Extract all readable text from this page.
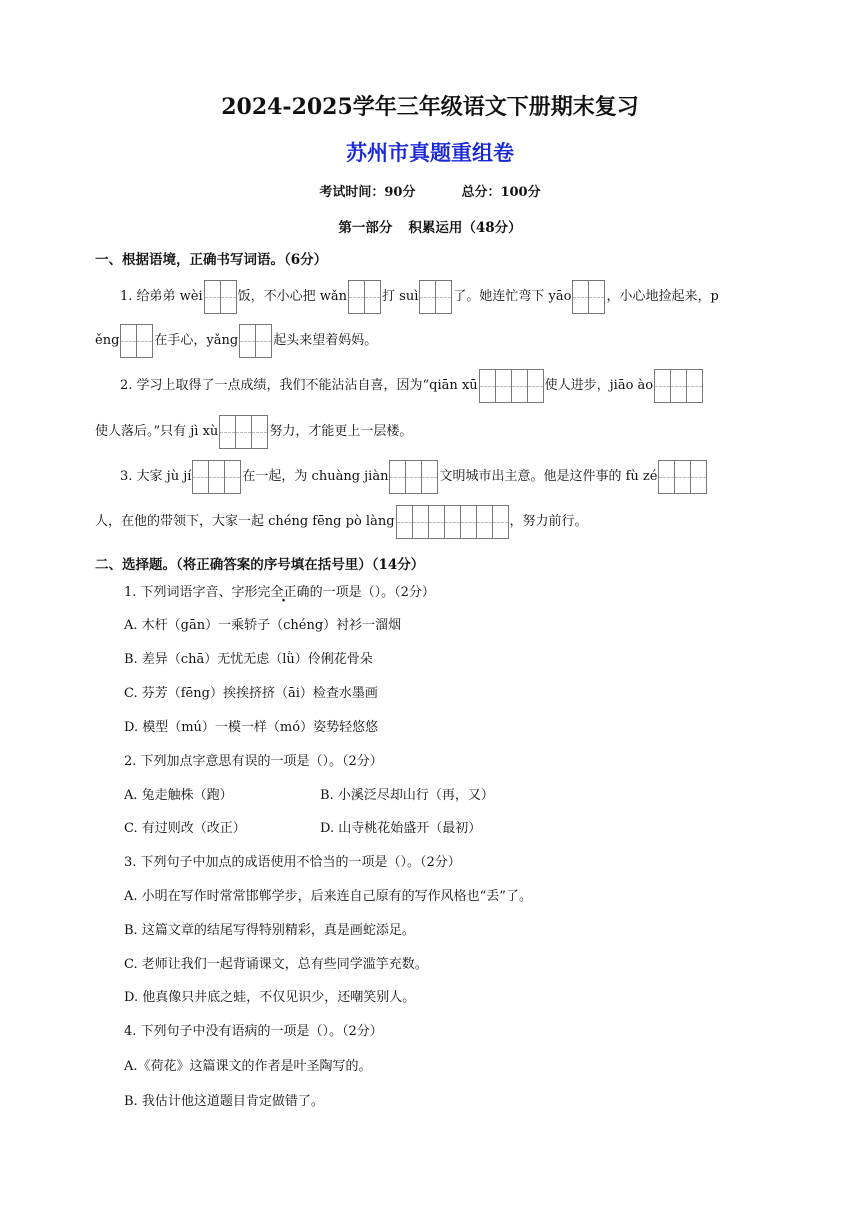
2024-2025学年三年级语文下册期末复习
苏州市真题重组卷
考试时间：90分	总分：100分
第一部分 积累运用（48分）
一、根据语境，正确书写词语。（6分）
1. 给弟弟 wèi	饭，不小心把 wǎn	打 suì	了。她连忙弯下 yāo	，小心地捡起来，p
ěng	在手心，yǎng	起头来望着妈妈。
2. 学习上取得了一点成绩，我们不能沾沾自喜，因为“qiān xū	使人进步，jiāo ào
使人落后。”只有 jì xù	努力，才能更上一层楼。
3. 大家 jù jí	在一起，为 chuàng jiàn	文明城市出主意。他是这件事的 fù zé
人，在他的带领下，大家一起 chéng fēng pò làng	，努力前行。
二、选择题。（将正确答案的序号填在括号里）（14分）
1. 下列词语字音、字形完全正确的一项是（）。（2分）
A. 木杆（gān）一乘轿子（chéng）衬衫一溜烟
B. 差异（chā）无忧无虑（lǜ）伶俐花骨朵
C. 芬芳（fēng）挨挨挤挤（āi）检查水墨画
D. 模型（mú）一模一样（mó）姿势轻悠悠
2. 下列加点字意思有误的一项是（）。（2分）
A. 兔走触株（跑）	B. 小溪泛尽却山行（再，又）
C. 有过则改（改正）	D. 山寺桃花始盛开（最初）
3. 下列句子中加点的成语使用不恰当的一项是（）。（2分）
A. 小明在写作时常常邯郸学步，后来连自己原有的写作风格也“丢”了。
B. 这篇文章的结尾写得特别精彩，真是画蛇添足。
C. 老师让我们一起背诵课文，总有些同学滥竽充数。
D. 他真像只井底之蛙，不仅见识少，还嘲笑别人。
4. 下列句子中没有语病的一项是（）。（2分）
A.《荷花》这篇课文的作者是叶圣陶写的。
B. 我估计他这道题目肯定做错了。
